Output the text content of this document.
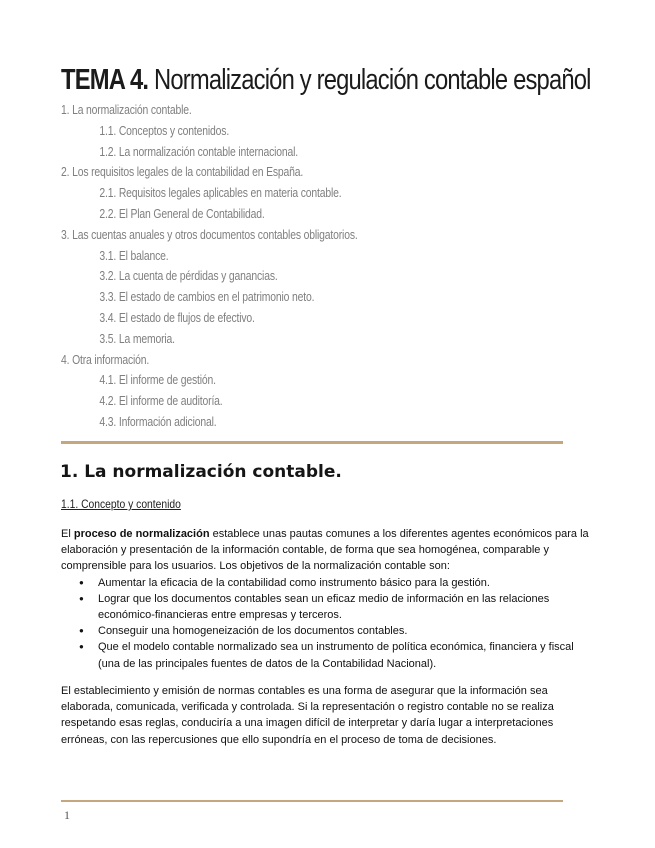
TEMA 4. Normalización y regulación contable español
1. La normalización contable.
1.1. Conceptos y contenidos.
1.2. La normalización contable internacional.
2. Los requisitos legales de la contabilidad en España.
2.1. Requisitos legales aplicables en materia contable.
2.2. El Plan General de Contabilidad.
3. Las cuentas anuales y otros documentos contables obligatorios.
3.1. El balance.
3.2. La cuenta de pérdidas y ganancias.
3.3. El estado de cambios en el patrimonio neto.
3.4. El estado de flujos de efectivo.
3.5. La memoria.
4. Otra información.
4.1. El informe de gestión.
4.2. El informe de auditoría.
4.3. Información adicional.
1. La normalización contable.
1.1. Concepto y contenido
El proceso de normalización establece unas pautas comunes a los diferentes agentes económicos para la elaboración y presentación de la información contable, de forma que sea homogénea, comparable y comprensible para los usuarios. Los objetivos de la normalización contable son:
● Aumentar la eficacia de la contabilidad como instrumento básico para la gestión.
● Lograr que los documentos contables sean un eficaz medio de información en las relaciones económico-financieras entre empresas y terceros.
● Conseguir una homogeneización de los documentos contables.
● Que el modelo contable normalizado sea un instrumento de política económica, financiera y fiscal (una de las principales fuentes de datos de la Contabilidad Nacional).

El establecimiento y emisión de normas contables es una forma de asegurar que la información sea elaborada, comunicada, verificada y controlada. Si la representación o registro contable no se realiza respetando esas reglas, conduciría a una imagen difícil de interpretar y daría lugar a interpretaciones erróneas, con las repercusiones que ello supondría en el proceso de toma de decisiones.

1
